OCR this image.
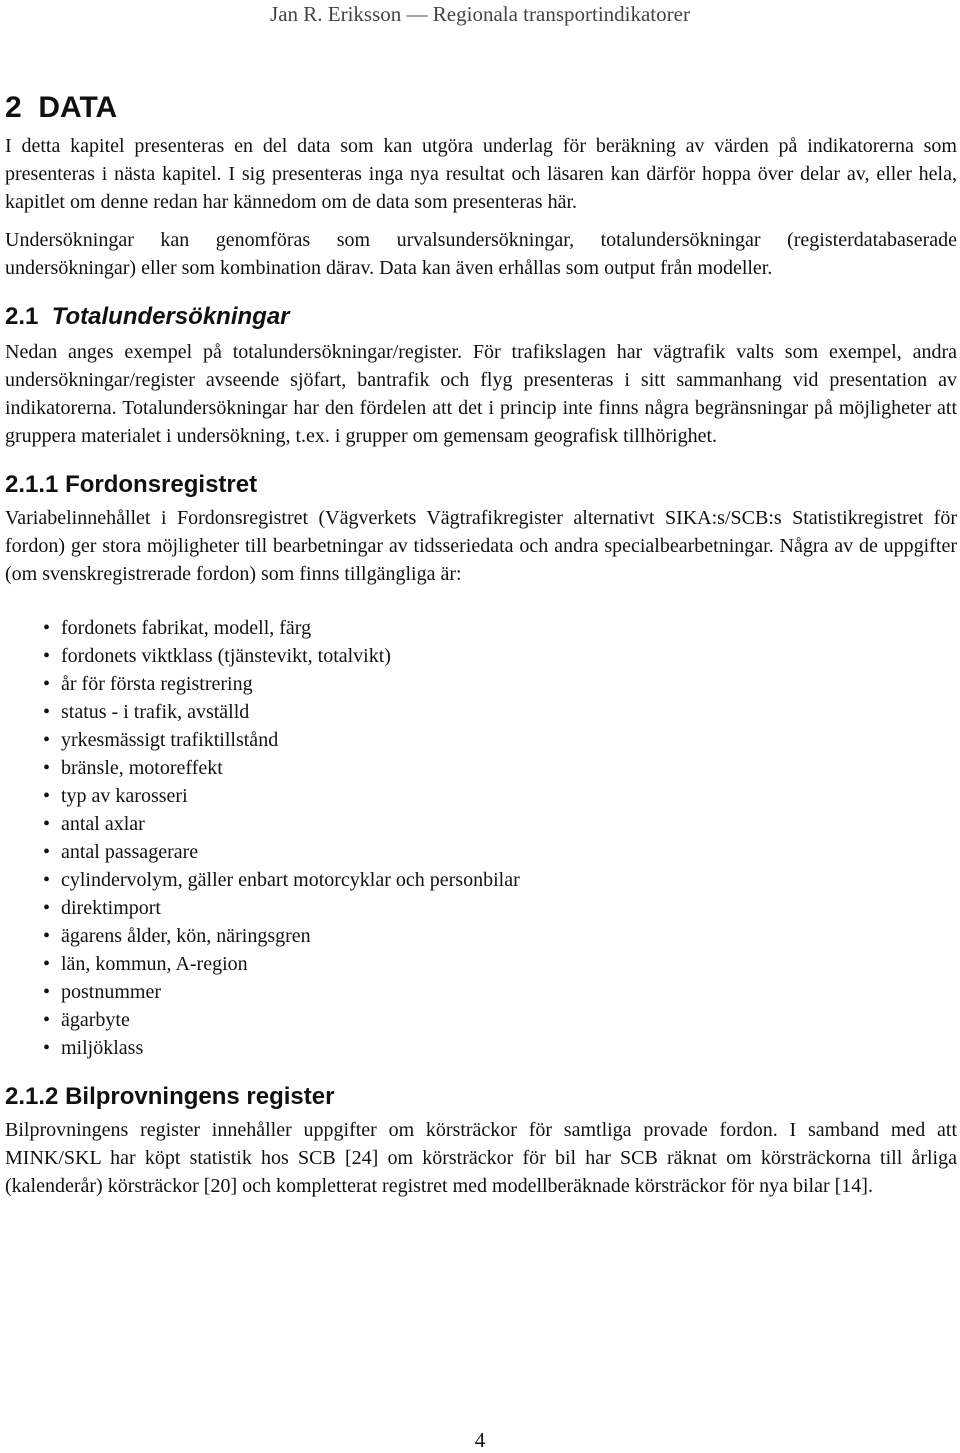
Jan R. Eriksson — Regionala transportindikatorer
2 DATA

I detta kapitel presenteras en del data som kan utgöra underlag för beräkning av värden på indikatorerna som presenteras i nästa kapitel. I sig presenteras inga nya resultat och läsaren kan därför hoppa över delar av, eller hela, kapitlet om denne redan har kännedom om de data som presenteras här.

Undersökningar kan genomföras som urvalsundersökningar, totalundersökningar (registerdatabaserade undersökningar) eller som kombination därav. Data kan även erhållas som output från modeller.

2.1 Totalundersökningar

Nedan anges exempel på totalundersökningar/register. För trafikslagen har vägtrafik valts som exempel, andra undersökningar/register avseende sjöfart, bantrafik och flyg presenteras i sitt sammanhang vid presentation av indikatorerna. Totalundersökningar har den fördelen att det i princip inte finns några begränsningar på möjligheter att gruppera materialet i undersökning, t.ex. i grupper om gemensam geografisk tillhörighet.

2.1.1 Fordonsregistret

Variabelinnehållet i Fordonsregistret (Vägverkets Vägtrafikregister alternativt SIKA:s/SCB:s Statistikregistret för fordon) ger stora möjligheter till bearbetningar av tidsseriedata och andra specialbearbetningar. Några av de uppgifter (om svenskregistrerade fordon) som finns tillgängliga är:

• fordonets fabrikat, modell, färg
• fordonets viktklass (tjänstevikt, totalvikt)
• år för första registrering
• status - i trafik, avställd
• yrkesmässigt trafiktillstånd
• bränsle, motoreffekt
• typ av karosseri
• antal axlar
• antal passagerare
• cylindervolym, gäller enbart motorcyklar och personbilar
• direktimport
• ägarens ålder, kön, näringsgren
• län, kommun, A-region
• postnummer
• ägarbyte
• miljöklass
2.1.2 Bilprovningens register

Bilprovningens register innehåller uppgifter om körsträckor för samtliga provade fordon. I samband med att MINK/SKL har köpt statistik hos SCB [24] om körsträckor för bil har SCB räknat om körsträckorna till årliga (kalenderår) körsträckor [20] och kompletterat registret med modellberäknade körsträckor för nya bilar [14].

4
